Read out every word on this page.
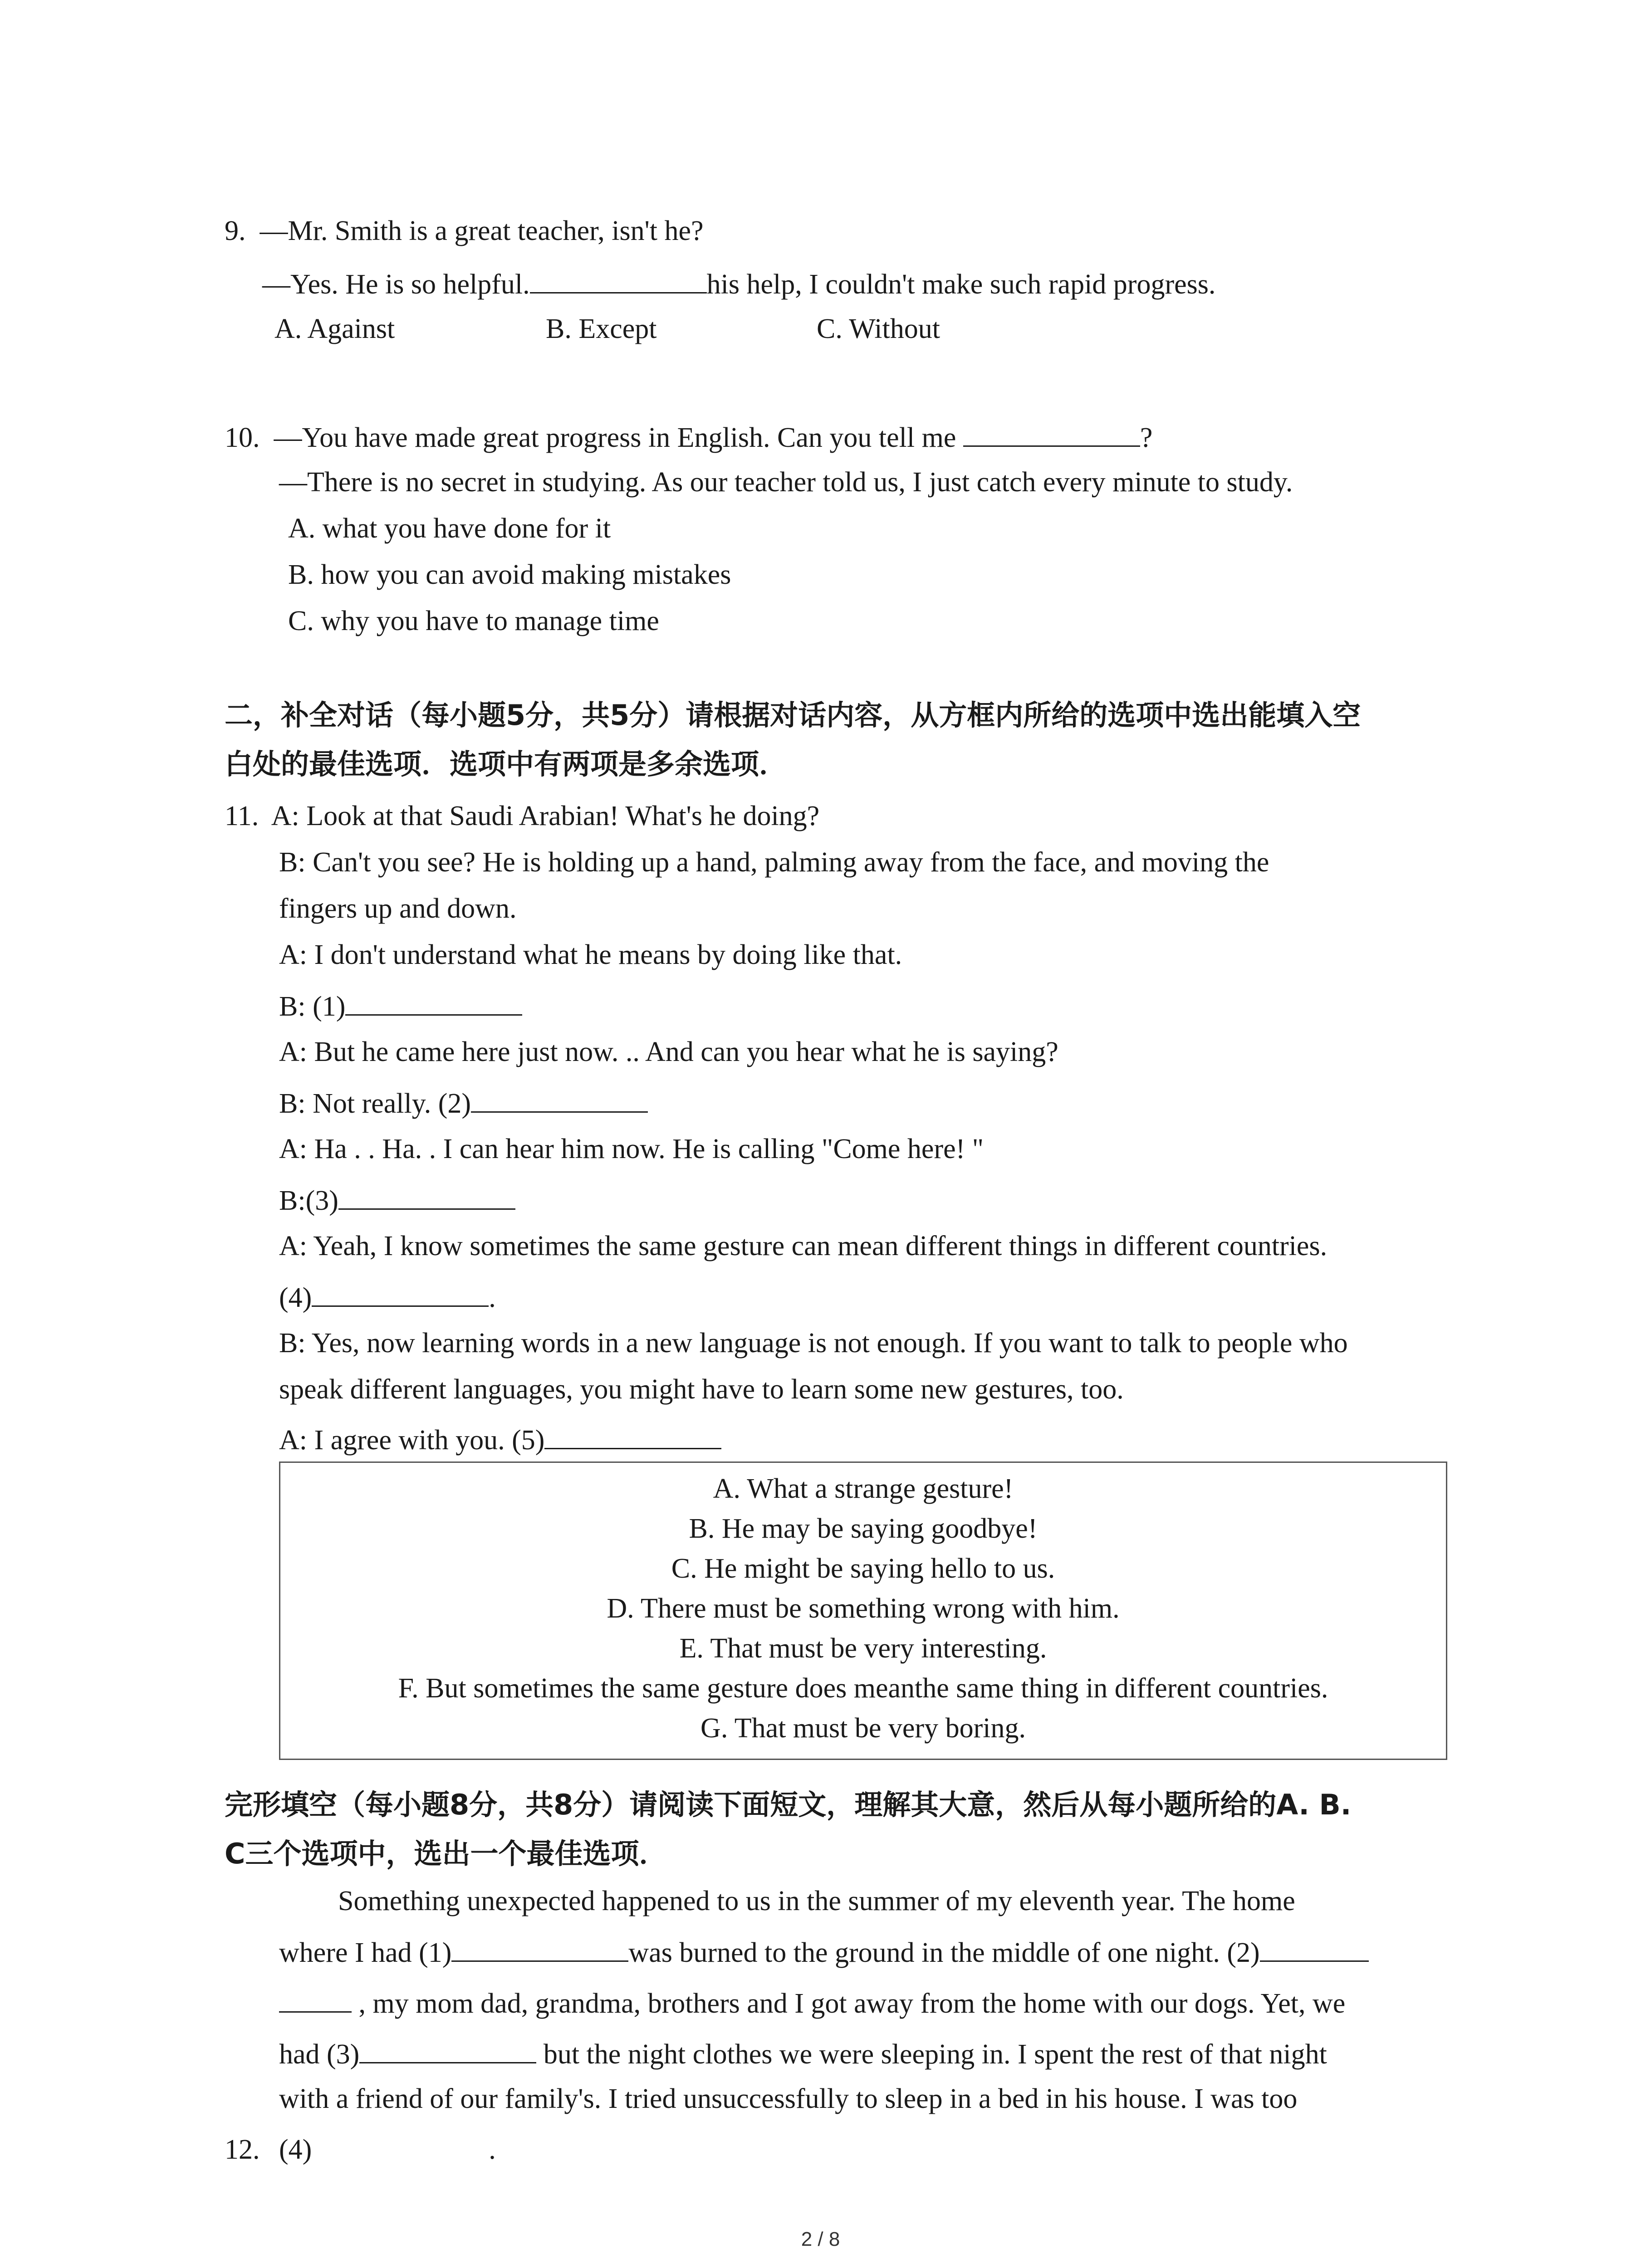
9.  —Mr. Smith is a great teacher, isn't he?
—Yes. He is so helpful.	his help, I couldn't make such rapid progress.
A. Against	B. Except	C. Without
10.  —You have made great progress in English. Can you tell me	?
—There is no secret in studying. As our teacher told us, I just catch every minute to study.
A. what you have done for it
B. how you can avoid making mistakes
C. why you have to manage time
二，补全对话（每小题5分，共5分）请根据对话内容，从方框内所给的选项中选出能填入空
白处的最佳选项．选项中有两项是多余选项．
11.  A: Look at that Saudi Arabian! What's he doing?
B: Can't you see? He is holding up a hand, palming away from the face, and moving the
fingers up and down.
A: I don't understand what he means by doing like that.
B: (1)
A: But he came here just now. .. And can you hear what he is saying?
B: Not really. (2)
A: Ha . . Ha. . I can hear him now. He is calling "Come here! "
B:(3)
A: Yeah, I know sometimes the same gesture can mean different things in different countries.
(4)	.
B: Yes, now learning words in a new language is not enough. If you want to talk to people who
speak different languages, you might have to learn some new gestures, too.
A: I agree with you. (5)
A. What a strange gesture!
B. He may be saying goodbye!
C. He might be saying hello to us.
D. There must be something wrong with him.
E. That must be very interesting.
F. But sometimes the same gesture does meanthe same thing in different countries.
G. That must be very boring.
完形填空（每小题8分，共8分）请阅读下面短文，理解其大意，然后从每小题所给的A. B.
C三个选项中，选出一个最佳选项．
Something unexpected happened to us in the summer of my eleventh year. The home
where I had (1)	was burned to the ground in the middle of one night. (2)
, my mom dad, grandma, brothers and I got away from the home with our dogs. Yet, we
had (3)	but the night clothes we were sleeping in. I spent the rest of that night
with a friend of our family's. I tried unsuccessfully to sleep in a bed in his house. I was too
12. (4)	.
2 / 8
